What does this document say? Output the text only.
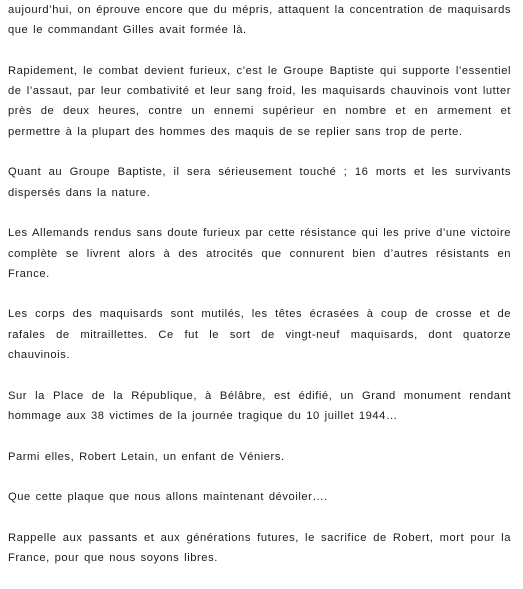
aujourd’hui, on éprouve encore que du mépris, attaquent la concentration de maquisards que le commandant Gilles avait formée là.

Rapidement, le combat devient furieux, c’est le Groupe Baptiste qui supporte l’essentiel de l’assaut, par leur combativité et leur sang froid, les maquisards chauvinois vont lutter près de deux heures, contre un ennemi supérieur en nombre et en armement et permettre à la plupart des hommes des maquis de se replier sans trop de perte.

Quant au Groupe Baptiste, il sera sérieusement touché ; 16 morts et les survivants dispersés dans la nature.

Les Allemands rendus sans doute furieux par cette résistance qui les prive d’une victoire complète se livrent alors à des atrocités que connurent bien d’autres résistants en France.

Les corps des maquisards sont mutilés, les têtes écrasées à coup de crosse et de rafales de mitraillettes. Ce fut le sort de vingt-neuf maquisards, dont quatorze chauvinois.

Sur la Place de la République, à Bélâbre, est édifié, un Grand monument rendant hommage aux 38 victimes de la journée tragique du 10 juillet 1944…

Parmi elles, Robert Letain, un enfant de Véniers.

Que cette plaque que nous allons maintenant dévoiler….

Rappelle aux passants et aux générations futures, le sacrifice de Robert, mort pour la France, pour que nous soyons libres.
